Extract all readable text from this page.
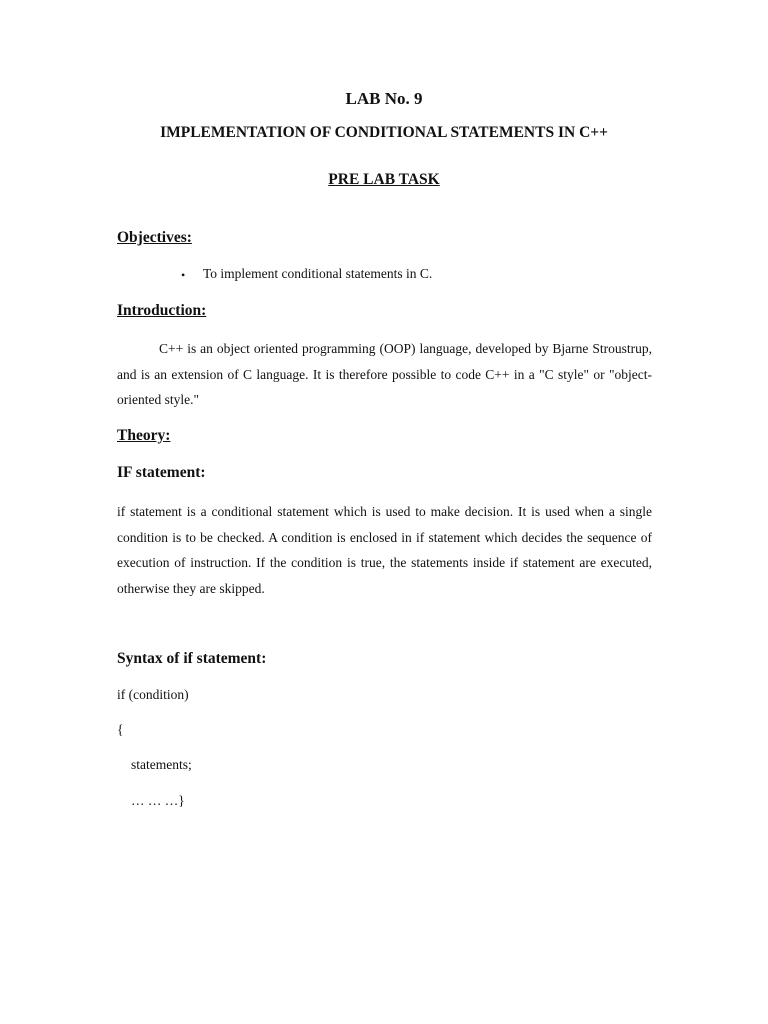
LAB No. 9
IMPLEMENTATION OF CONDITIONAL STATEMENTS IN C++
PRE LAB TASK
Objectives:
• To implement conditional statements in C.
Introduction:
C++ is an object oriented programming (OOP) language, developed by Bjarne Stroustrup, and is an extension of C language. It is therefore possible to code C++ in a "C style" or "object-oriented style."
Theory:
IF statement:
if statement is a conditional statement which is used to make decision. It is used when a single condition is to be checked. A condition is enclosed in if statement which decides the sequence of execution of instruction. If the condition is true, the statements inside if statement are executed, otherwise they are skipped.
Syntax of if statement:
if (condition)
{
statements;
… … …}
